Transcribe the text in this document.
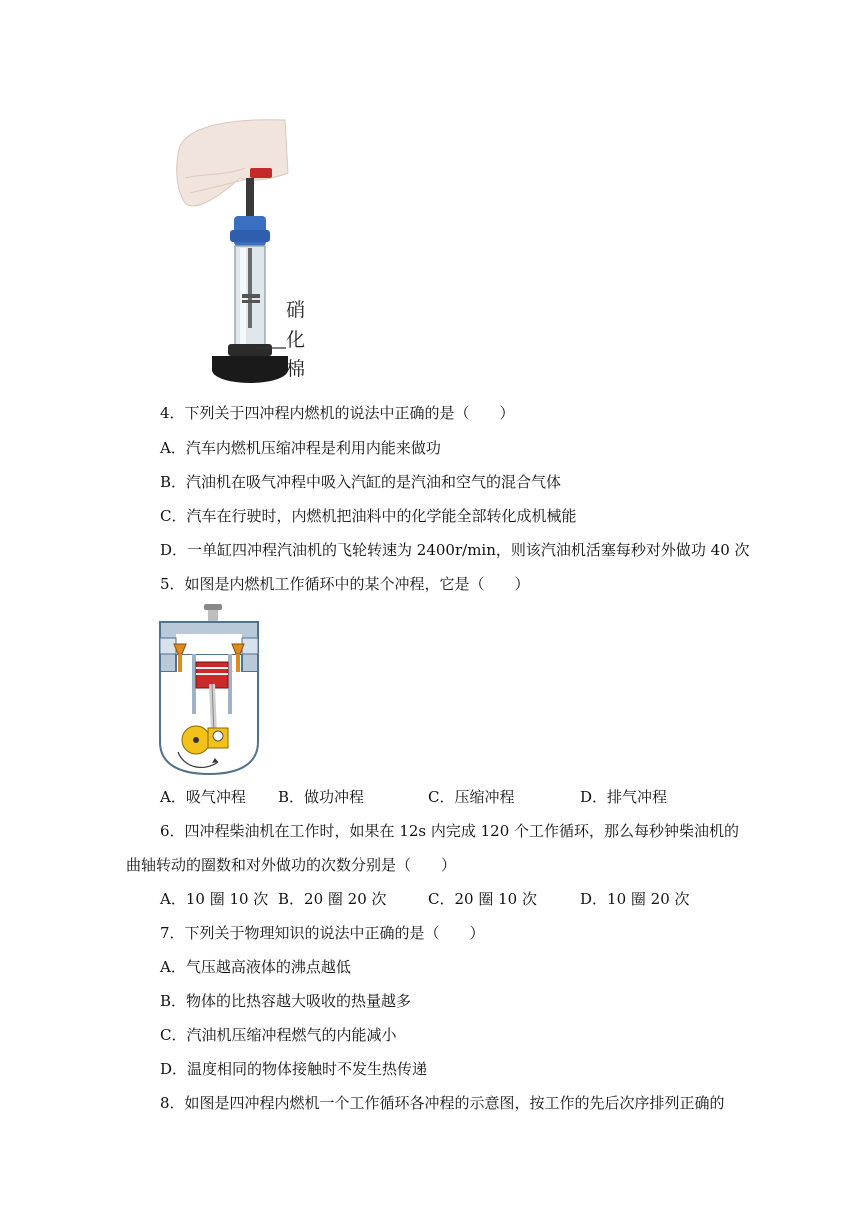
硝
化
棉
4．下列关于四冲程内燃机的说法中正确的是（　　）
A．汽车内燃机压缩冲程是利用内能来做功
B．汽油机在吸气冲程中吸入汽缸的是汽油和空气的混合气体
C．汽车在行驶时，内燃机把油料中的化学能全部转化成机械能
D．一单缸四冲程汽油机的飞轮转速为 2400r/min，则该汽油机活塞每秒对外做功 40 次
5．如图是内燃机工作循环中的某个冲程，它是（　　）
A．吸气冲程 B．做功冲程	C．压缩冲程	D．排气冲程
6．四冲程柴油机在工作时，如果在 12s 内完成 120 个工作循环，那么每秒钟柴油机的
曲轴转动的圈数和对外做功的次数分别是（　　）
A．10 圈 10 次 B．20 圈 20 次	C．20 圈 10 次	D．10 圈 20 次
7．下列关于物理知识的说法中正确的是（　　）
A．气压越高液体的沸点越低
B．物体的比热容越大吸收的热量越多
C．汽油机压缩冲程燃气的内能减小
D．温度相同的物体接触时不发生热传递
8．如图是四冲程内燃机一个工作循环各冲程的示意图，按工作的先后次序排列正确的
